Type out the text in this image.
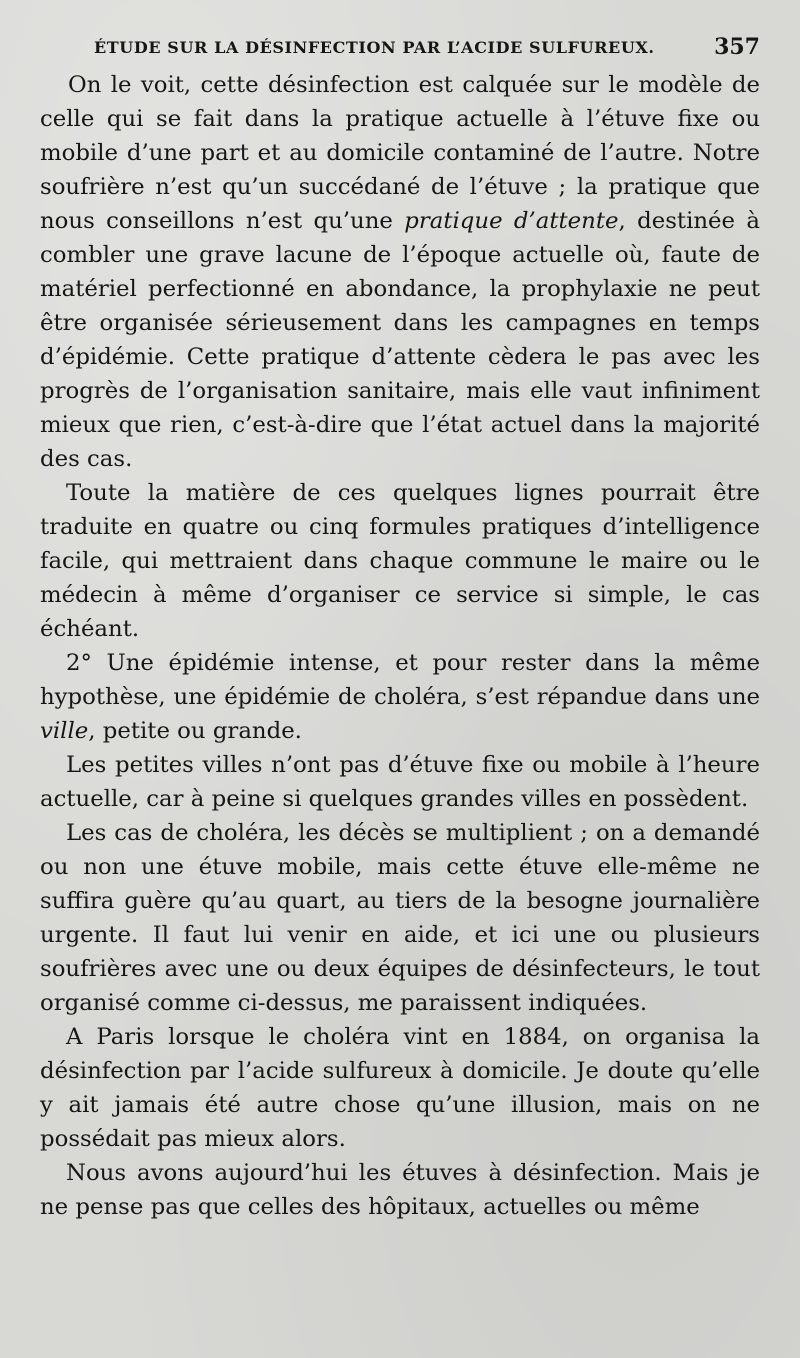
ÉTUDE SUR LA DÉSINFECTION PAR L’ACIDE SULFUREUX.	357

On le voit, cette désinfection est calquée sur le modèle de celle qui se fait dans la pratique actuelle à l’étuve fixe ou mobile d’une part et au domicile contaminé de l’autre. Notre soufrière n’est qu’un succédané de l’étuve ; la pratique que nous conseillons n’est qu’une pratique d’attente, destinée à combler une grave lacune de l’époque actuelle où, faute de matériel perfectionné en abondance, la prophylaxie ne peut être organisée sérieusement dans les campagnes en temps d’épidémie. Cette pratique d’attente cèdera le pas avec les progrès de l’organisation sanitaire, mais elle vaut infiniment mieux que rien, c’est-à-dire que l’état actuel dans la majorité des cas.

Toute la matière de ces quelques lignes pourrait être traduite en quatre ou cinq formules pratiques d’intelligence facile, qui mettraient dans chaque commune le maire ou le médecin à même d’organiser ce service si simple, le cas échéant.

2° Une épidémie intense, et pour rester dans la même hypothèse, une épidémie de choléra, s’est répandue dans une ville, petite ou grande.

Les petites villes n’ont pas d’étuve fixe ou mobile à l’heure actuelle, car à peine si quelques grandes villes en possèdent.

Les cas de choléra, les décès se multiplient ; on a demandé ou non une étuve mobile, mais cette étuve elle-même ne suffira guère qu’au quart, au tiers de la besogne journalière urgente. Il faut lui venir en aide, et ici une ou plusieurs soufrières avec une ou deux équipes de désinfecteurs, le tout organisé comme ci-dessus, me paraissent indiquées.

A Paris lorsque le choléra vint en 1884, on organisa la désinfection par l’acide sulfureux à domicile. Je doute qu’elle y ait jamais été autre chose qu’une illusion, mais on ne possédait pas mieux alors.

Nous avons aujourd’hui les étuves à désinfection. Mais je ne pense pas que celles des hôpitaux, actuelles ou même
